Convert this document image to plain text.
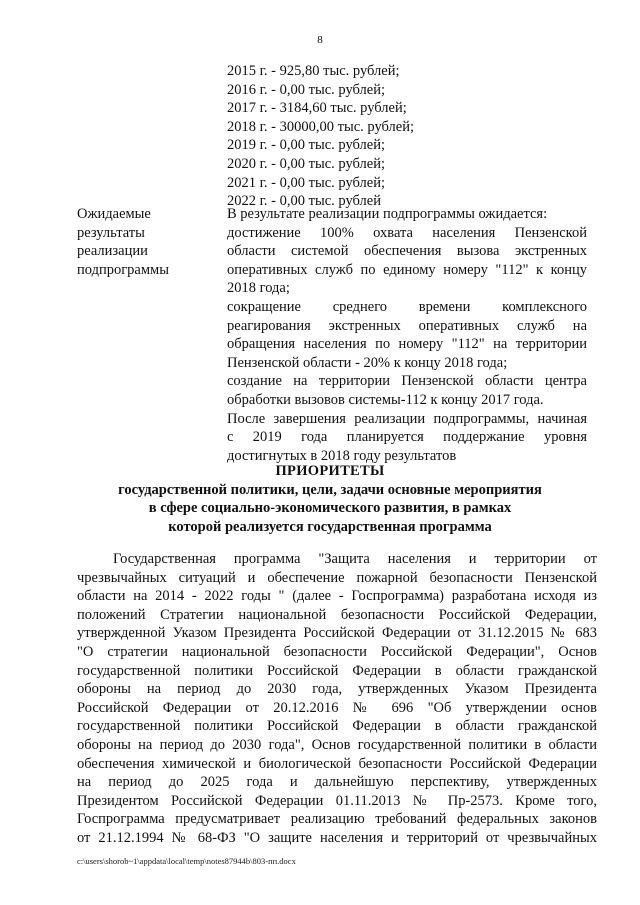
8
2015 г. - 925,80 тыс. рублей;
2016 г. - 0,00 тыс. рублей;
2017 г. - 3184,60 тыс. рублей;
2018 г. - 30000,00 тыс. рублей;
2019 г. - 0,00 тыс. рублей;
2020 г. - 0,00 тыс. рублей;
2021 г. - 0,00 тыс. рублей;
2022 г. - 0,00 тыс. рублей
Ожидаемые
результаты
реализации
подпрограммы
В результате реализации подпрограммы ожидается:
достижение 100% охвата населения Пензенской
области системой обеспечения вызова экстренных
оперативных служб по единому номеру "112" к концу
2018 года;
сокращение среднего времени комплексного
реагирования экстренных оперативных служб на
обращения населения по номеру "112" на территории
Пензенской области - 20% к концу 2018 года;
создание на территории Пензенской области центра
обработки вызовов системы-112 к концу 2017 года.
После завершения реализации подпрограммы, начиная
с 2019 года планируется поддержание уровня
достигнутых в 2018 году результатов
ПРИОРИТЕТЫ
государственной политики, цели, задачи основные мероприятия
в сфере социально-экономического развития, в рамках
которой реализуется государственная программа
Государственная программа "Защита населения и территории от
чрезвычайных ситуаций и обеспечение пожарной безопасности Пензенской
области на 2014 - 2022 годы " (далее - Госпрограмма) разработана исходя из
положений Стратегии национальной безопасности Российской Федерации,
утвержденной Указом Президента Российской Федерации от 31.12.2015 № 683
"О стратегии национальной безопасности Российской Федерации", Основ
государственной политики Российской Федерации в области гражданской
обороны на период до 2030 года, утвержденных Указом Президента
Российской Федерации от 20.12.2016 № 696 "Об утверждении основ
государственной политики Российской Федерации в области гражданской
обороны на период до 2030 года", Основ государственной политики в области
обеспечения химической и биологической безопасности Российской Федерации
на период до 2025 года и дальнейшую перспективу, утвержденных
Президентом Российской Федерации 01.11.2013 № Пр-2573. Кроме того,
Госпрограмма предусматривает реализацию требований федеральных законов
от 21.12.1994 № 68-ФЗ "О защите населения и территорий от чрезвычайных
c:\users\shorob~1\appdata\local\temp\notes87944b\803-пп.docx
